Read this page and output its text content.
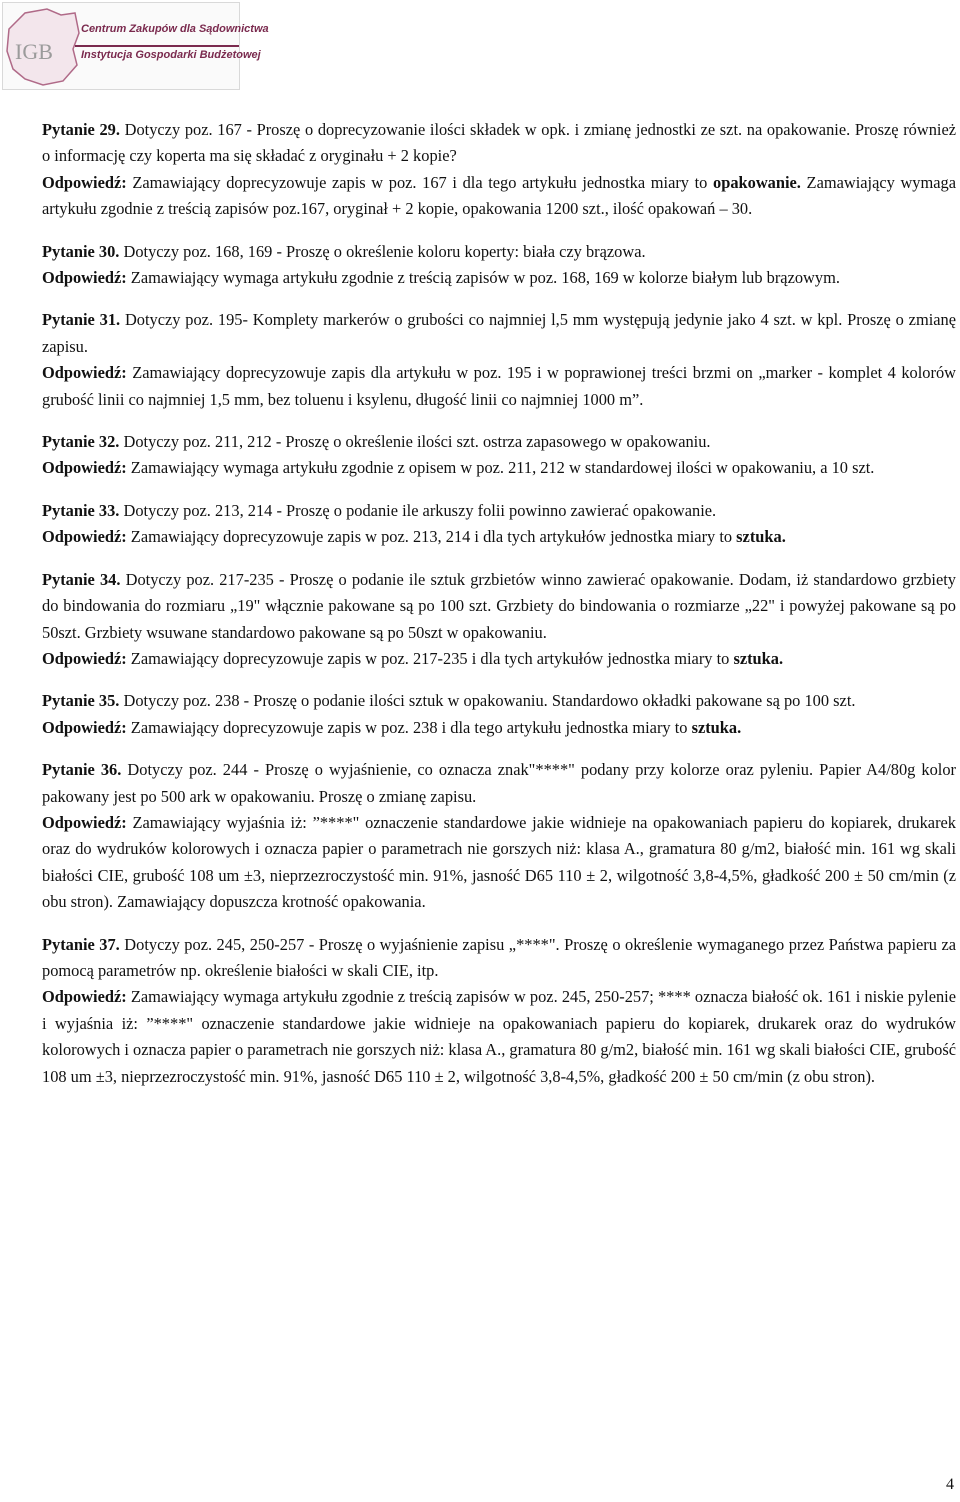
IGB
Centrum Zakupów dla Sądownictwa
Instytucja Gospodarki Budżetowej

Pytanie 29. Dotyczy poz. 167 - Proszę o doprecyzowanie ilości składek w opk. i zmianę jednostki ze szt. na opakowanie. Proszę również o informację czy koperta ma się składać z oryginału + 2 kopie?

Odpowiedź: Zamawiający doprecyzowuje zapis w poz. 167 i dla tego artykułu jednostka miary to opakowanie. Zamawiający wymaga artykułu zgodnie z treścią zapisów poz.167, oryginał + 2 kopie, opakowania 1200 szt., ilość opakowań – 30.

Pytanie 30. Dotyczy poz. 168, 169 - Proszę o określenie koloru koperty: biała czy brązowa.

Odpowiedź: Zamawiający wymaga artykułu zgodnie z treścią zapisów w poz. 168, 169 w kolorze białym lub brązowym.

Pytanie 31. Dotyczy poz. 195- Komplety markerów o grubości co najmniej l,5 mm występują jedynie jako 4 szt. w kpl. Proszę o zmianę zapisu.

Odpowiedź: Zamawiający doprecyzowuje zapis dla artykułu w poz. 195 i w poprawionej treści brzmi on „marker - komplet 4 kolorów grubość linii co najmniej 1,5 mm, bez toluenu i ksylenu, długość linii co najmniej 1000 m”.

Pytanie 32. Dotyczy poz. 211, 212 - Proszę o określenie ilości szt. ostrza zapasowego w opakowaniu.

Odpowiedź: Zamawiający wymaga artykułu zgodnie z opisem w poz. 211, 212 w standardowej ilości w opakowaniu, a 10 szt.

Pytanie 33. Dotyczy poz. 213, 214 - Proszę o podanie ile arkuszy folii powinno zawierać opakowanie.

Odpowiedź: Zamawiający doprecyzowuje zapis w poz. 213, 214 i dla tych artykułów jednostka miary to sztuka.

Pytanie 34. Dotyczy poz. 217-235 - Proszę o podanie ile sztuk grzbietów winno zawierać opakowanie. Dodam, iż standardowo grzbiety do bindowania do rozmiaru „19" włącznie pakowane są po 100 szt. Grzbiety do bindowania o rozmiarze „22" i powyżej pakowane są po 50szt. Grzbiety wsuwane standardowo pakowane są po 50szt w opakowaniu.

Odpowiedź: Zamawiający doprecyzowuje zapis w poz. 217-235 i dla tych artykułów jednostka miary to sztuka.

Pytanie 35. Dotyczy poz. 238 - Proszę o podanie ilości sztuk w opakowaniu. Standardowo okładki pakowane są po 100 szt.

Odpowiedź: Zamawiający doprecyzowuje zapis w poz. 238 i dla tego artykułu jednostka miary to sztuka.

Pytanie 36. Dotyczy poz. 244 - Proszę o wyjaśnienie, co oznacza znak"****" podany przy kolorze oraz pyleniu. Papier A4/80g kolor pakowany jest po 500 ark w opakowaniu. Proszę o zmianę zapisu.

Odpowiedź: Zamawiający wyjaśnia iż: ”****" oznaczenie standardowe jakie widnieje na opakowaniach papieru do kopiarek, drukarek oraz do wydruków kolorowych i oznacza papier o parametrach nie gorszych niż: klasa A., gramatura 80 g/m2, białość min. 161 wg skali białości CIE, grubość 108 um ±3, nieprzezroczystość min. 91%, jasność D65 110 ± 2, wilgotność 3,8-4,5%, gładkość 200 ± 50 cm/min (z obu stron). Zamawiający dopuszcza krotność opakowania.

Pytanie 37. Dotyczy poz. 245, 250-257 - Proszę o wyjaśnienie zapisu „****". Proszę o określenie wymaganego przez Państwa papieru za pomocą parametrów np. określenie białości w skali CIE, itp.

Odpowiedź: Zamawiający wymaga artykułu zgodnie z treścią zapisów w poz. 245, 250-257; **** oznacza białość ok. 161 i niskie pylenie i wyjaśnia iż: ”****" oznaczenie standardowe jakie widnieje na opakowaniach papieru do kopiarek, drukarek oraz do wydruków kolorowych i oznacza papier o parametrach nie gorszych niż: klasa A., gramatura 80 g/m2, białość min. 161 wg skali białości CIE, grubość 108 um ±3, nieprzezroczystość min. 91%, jasność D65 110 ± 2, wilgotność 3,8-4,5%, gładkość 200 ± 50 cm/min (z obu stron).

4
